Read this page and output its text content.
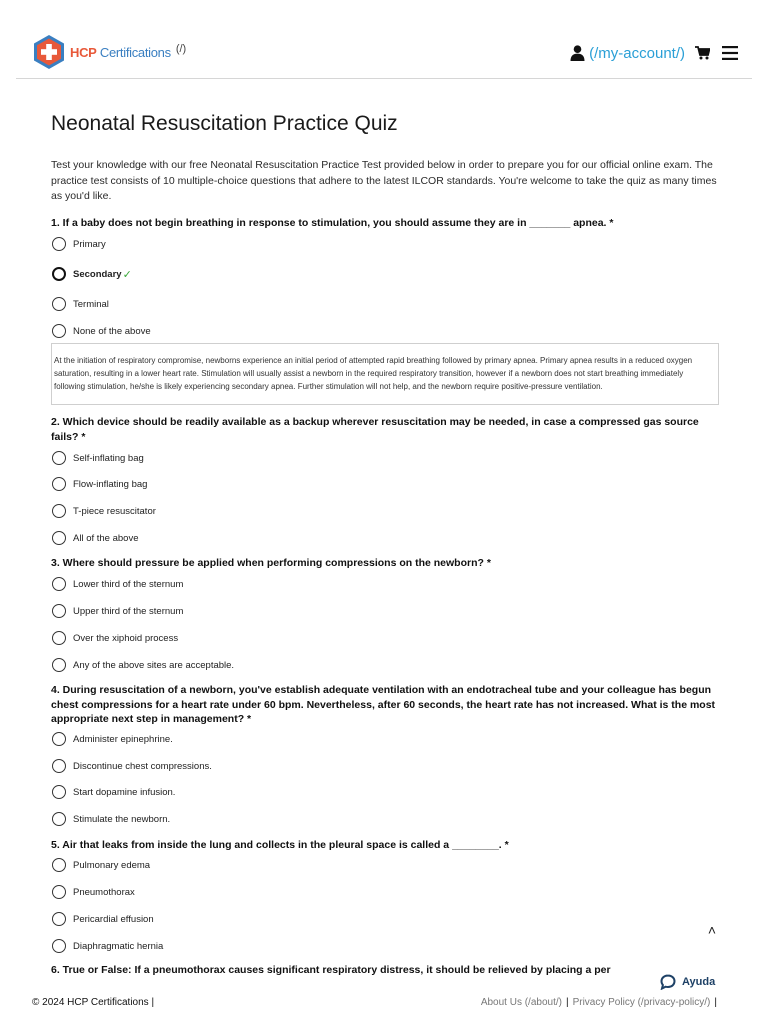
HCP Certifications (/)	(/my-account/)
Neonatal Resuscitation Practice Quiz

Test your knowledge with our free Neonatal Resuscitation Practice Test provided below in order to prepare you for our official online exam. The practice test consists of 10 multiple-choice questions that adhere to the latest ILCOR standards. You're welcome to take the quiz as many times as you'd like.

1. If a baby does not begin breathing in response to stimulation, you should assume they are in _______ apnea. *
Primary
Secondary ✓
Terminal
None of the above
At the initiation of respiratory compromise, newborns experience an initial period of attempted rapid breathing followed by primary apnea. Primary apnea results in a reduced oxygen saturation, resulting in a lower heart rate. Stimulation will usually assist a newborn in the required respiratory transition, however if a newborn does not start breathing immediately following stimulation, he/she is likely experiencing secondary apnea. Further stimulation will not help, and the newborn require positive-pressure ventilation.
2. Which device should be readily available as a backup wherever resuscitation may be needed, in case a compressed gas source fails? *
Self-inflating bag
Flow-inflating bag
T-piece resuscitator
All of the above
3. Where should pressure be applied when performing compressions on the newborn? *
Lower third of the sternum
Upper third of the sternum
Over the xiphoid process
Any of the above sites are acceptable.
4. During resuscitation of a newborn, you've establish adequate ventilation with an endotracheal tube and your colleague has begun chest compressions for a heart rate under 60 bpm. Nevertheless, after 60 seconds, the heart rate has not increased. What is the most appropriate next step in management? *
Administer epinephrine.
Discontinue chest compressions.
Start dopamine infusion.
Stimulate the newborn.
5. Air that leaks from inside the lung and collects in the pleural space is called a ________. *
Pulmonary edema
Pneumothorax
Pericardial effusion
Diaphragmatic hernia
6. True or False: If a pneumothorax causes significant respiratory distress, it should be relieved by placing a per
˄
Ayuda
© 2024 HCP Certifications |	About Us (/about/) | Privacy Policy (/privacy-policy/) |
